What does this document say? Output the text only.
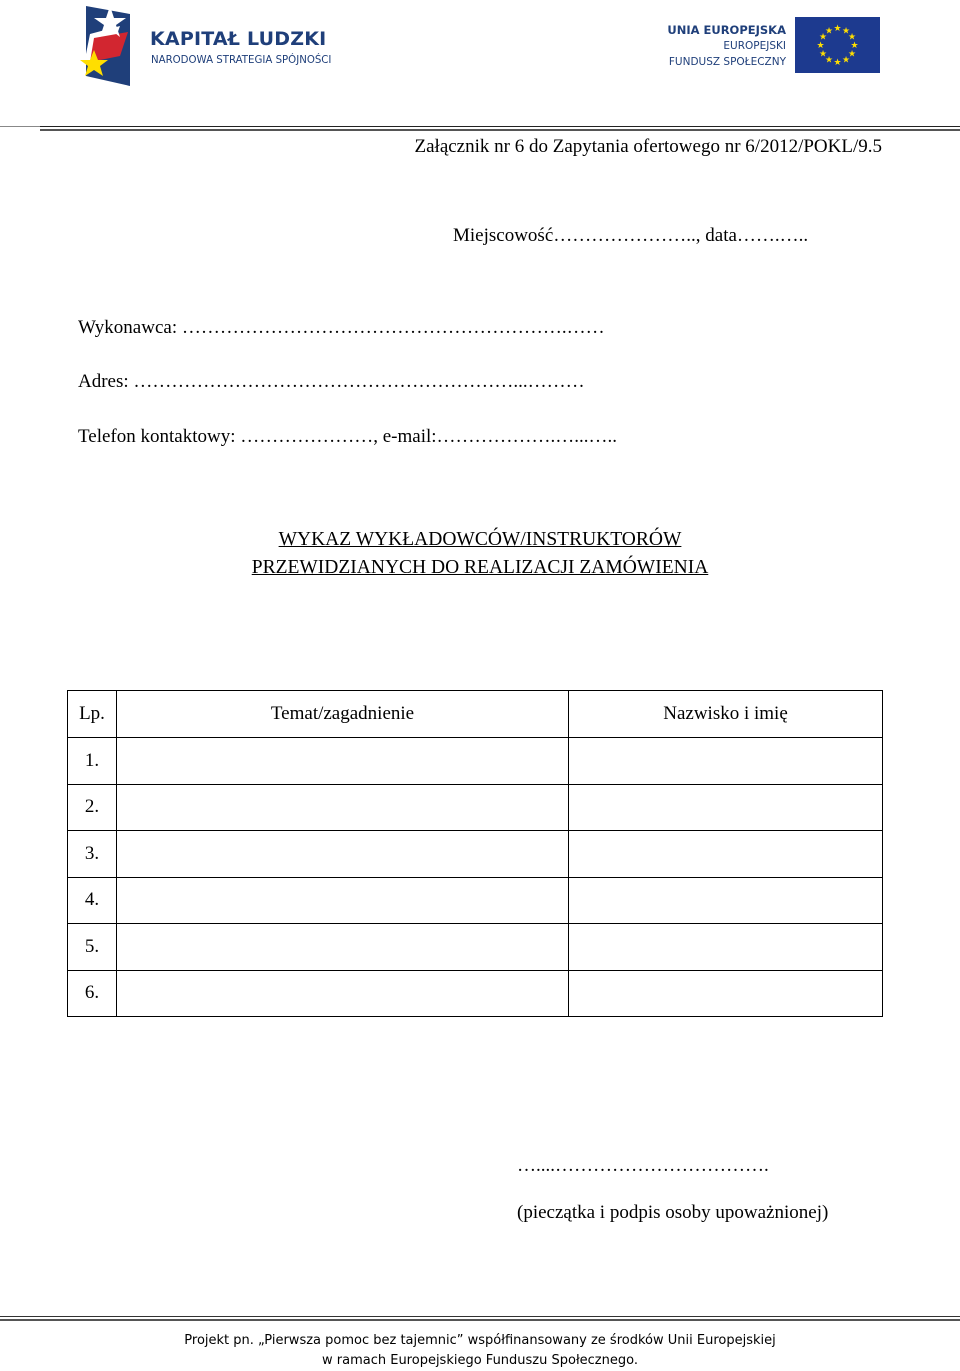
KAPITAŁ LUDZKI
NARODOWA STRATEGIA SPÓJNOŚCI
UNIA EUROPEJSKA
EUROPEJSKI
FUNDUSZ SPOŁECZNY
★ ★
★
★
★
★
★
★
★
★
★
★
Załącznik nr 6 do Zapytania ofertowego nr 6/2012/POKL/9.5
Miejscowość………………….., data…….…..
Wykonawca: …………………………………………………….……
Adres: ……………………………………………………...………
Telefon kontaktowy: …………………, e-mail:……………….…...…..
WYKAZ WYKŁADOWCÓW/INSTRUKTORÓW
PRZEWIDZIANYCH DO REALIZACJI ZAMÓWIENIA
Lp.	Temat/zagadnienie	Nazwisko i imię
1.		
2.		
3.		
4.		
5.		
6.		
…....…………………………….
(pieczątka i podpis osoby upoważnionej)
Projekt pn. „Pierwsza pomoc bez tajemnic” współfinansowany ze środków Unii Europejskiej
w ramach Europejskiego Funduszu Społecznego.
